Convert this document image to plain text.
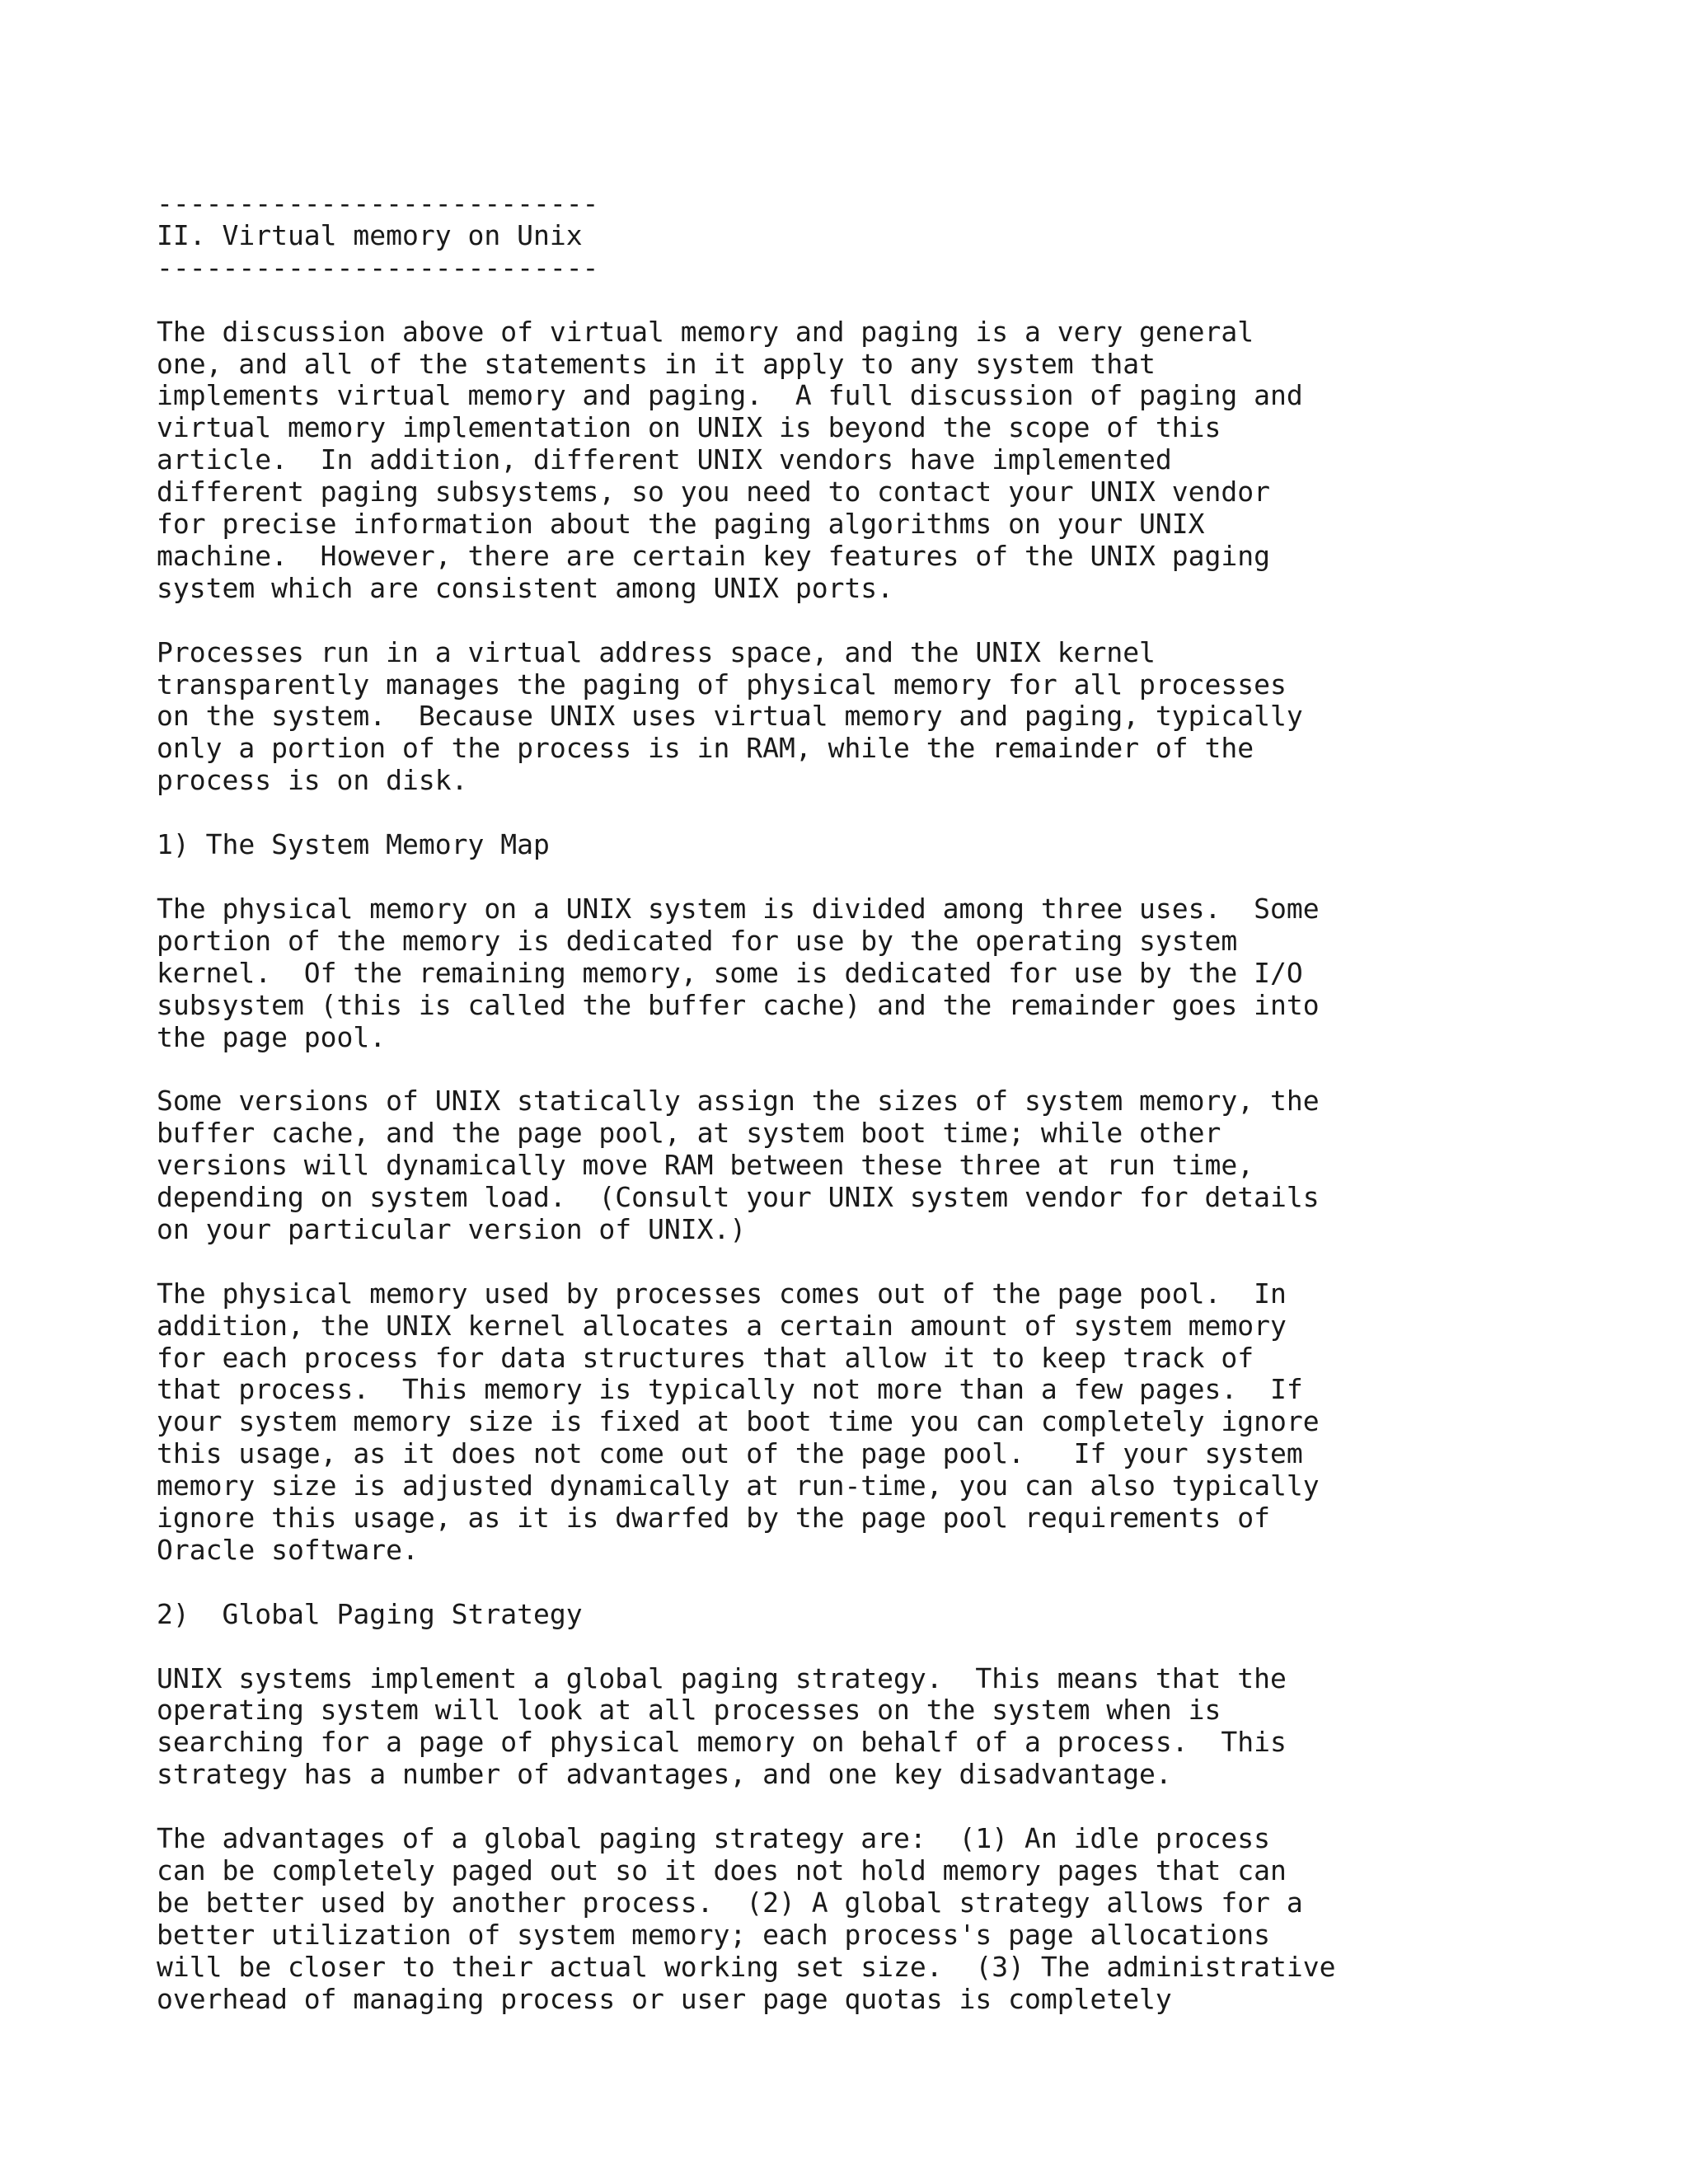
---------------------------
II. Virtual memory on Unix
---------------------------
The discussion above of virtual memory and paging is a very general
one, and all of the statements in it apply to any system that
implements virtual memory and paging.  A full discussion of paging and
virtual memory implementation on UNIX is beyond the scope of this
article.  In addition, different UNIX vendors have implemented
different paging subsystems, so you need to contact your UNIX vendor
for precise information about the paging algorithms on your UNIX
machine.  However, there are certain key features of the UNIX paging
system which are consistent among UNIX ports.
Processes run in a virtual address space, and the UNIX kernel
transparently manages the paging of physical memory for all processes
on the system.  Because UNIX uses virtual memory and paging, typically
only a portion of the process is in RAM, while the remainder of the
process is on disk.
1) The System Memory Map
The physical memory on a UNIX system is divided among three uses.  Some
portion of the memory is dedicated for use by the operating system
kernel.  Of the remaining memory, some is dedicated for use by the I/O
subsystem (this is called the buffer cache) and the remainder goes into
the page pool.
Some versions of UNIX statically assign the sizes of system memory, the
buffer cache, and the page pool, at system boot time; while other
versions will dynamically move RAM between these three at run time,
depending on system load.  (Consult your UNIX system vendor for details
on your particular version of UNIX.)
The physical memory used by processes comes out of the page pool.  In
addition, the UNIX kernel allocates a certain amount of system memory
for each process for data structures that allow it to keep track of
that process.  This memory is typically not more than a few pages.  If
your system memory size is fixed at boot time you can completely ignore
this usage, as it does not come out of the page pool.   If your system
memory size is adjusted dynamically at run-time, you can also typically
ignore this usage, as it is dwarfed by the page pool requirements of
Oracle software.
2)  Global Paging Strategy
UNIX systems implement a global paging strategy.  This means that the
operating system will look at all processes on the system when is
searching for a page of physical memory on behalf of a process.  This
strategy has a number of advantages, and one key disadvantage.
The advantages of a global paging strategy are:  (1) An idle process
can be completely paged out so it does not hold memory pages that can
be better used by another process.  (2) A global strategy allows for a
better utilization of system memory; each process's page allocations
will be closer to their actual working set size.  (3) The administrative
overhead of managing process or user page quotas is completely
